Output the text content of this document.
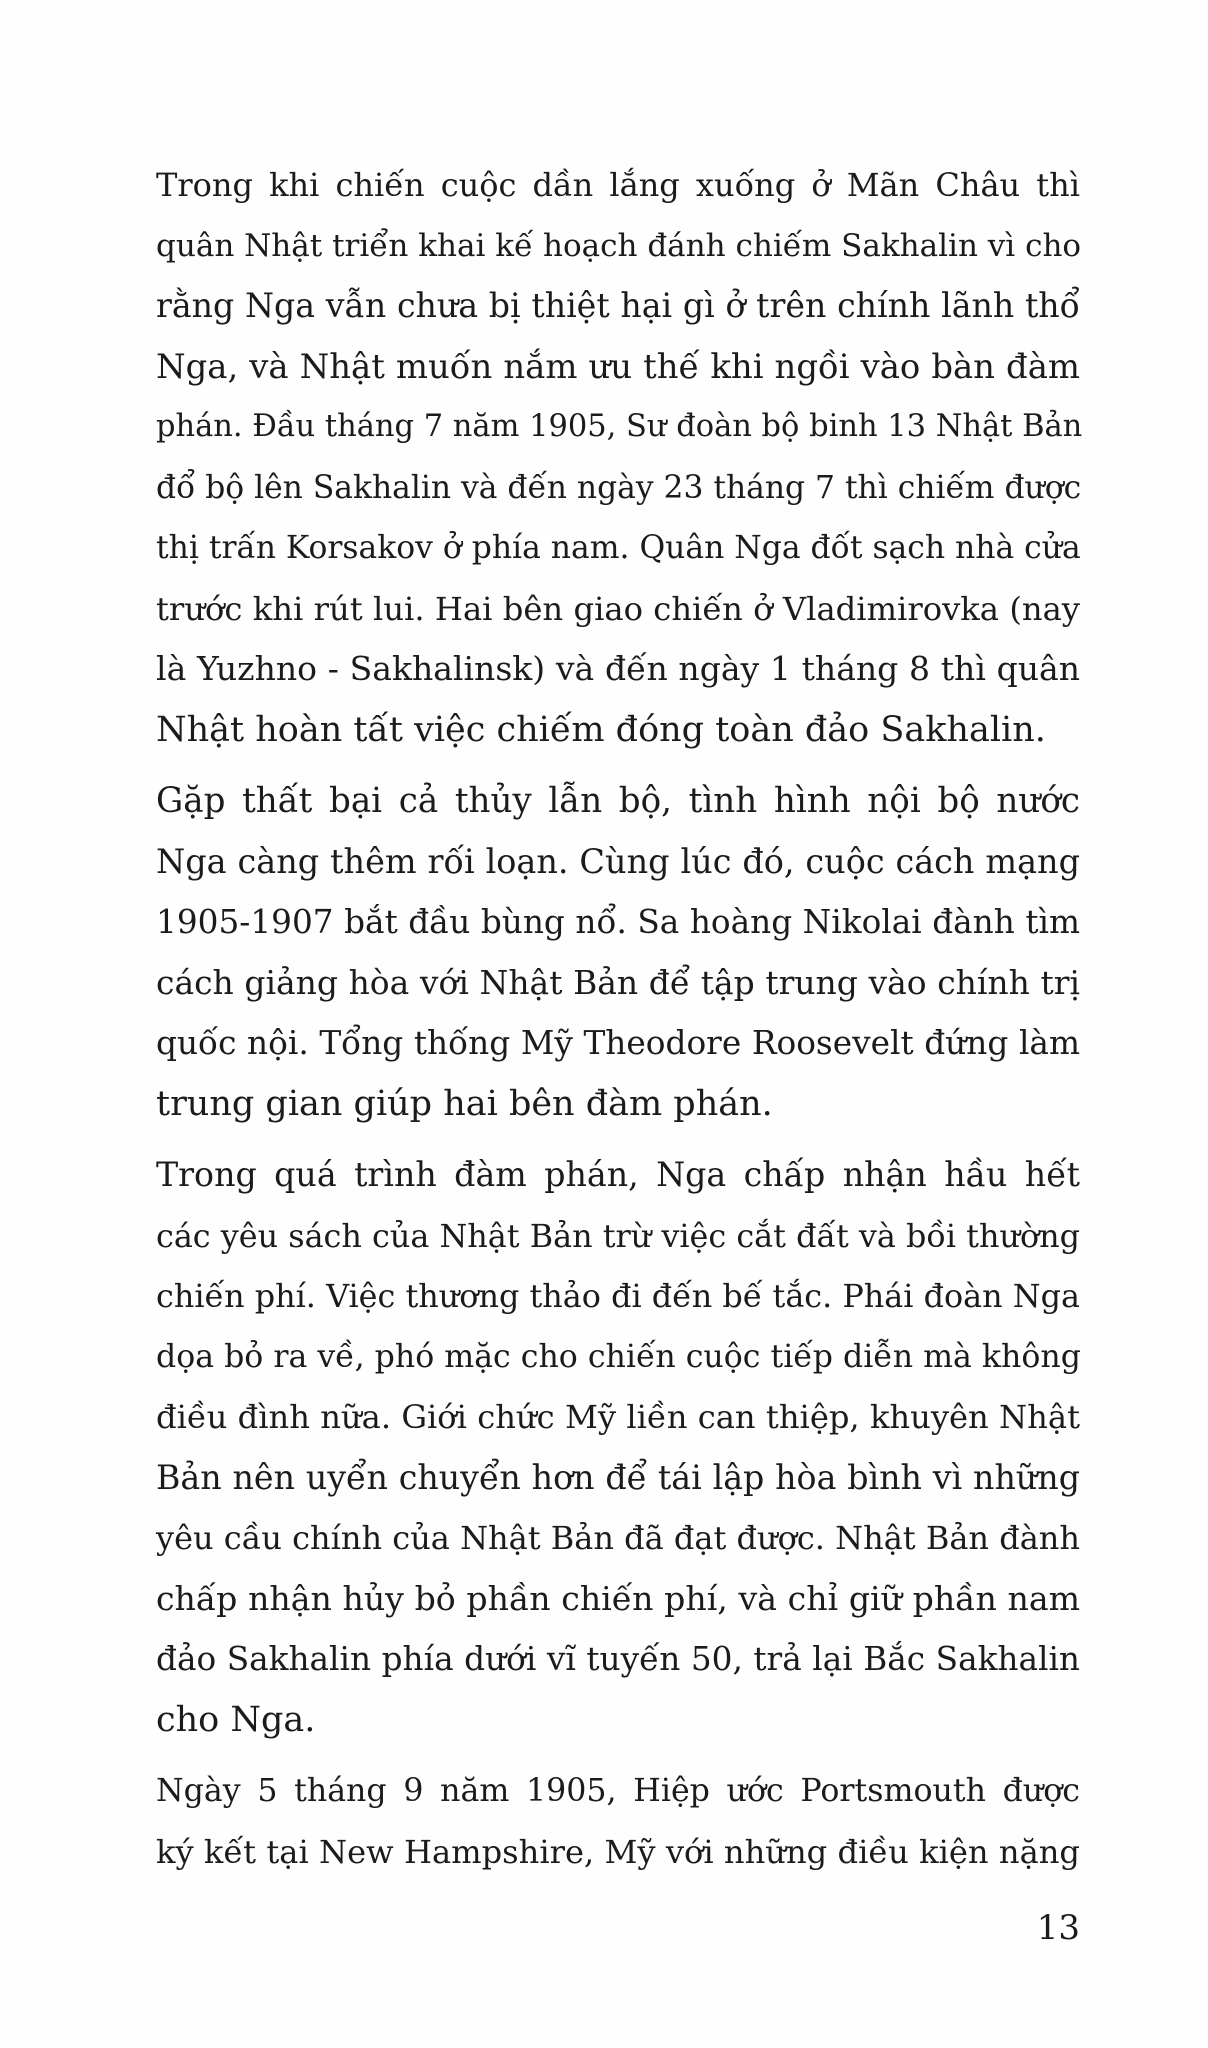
Trong khi chiến cuộc dần lắng xuống ở Mãn Châu thì
quân Nhật triển khai kế hoạch đánh chiếm Sakhalin vì cho
rằng Nga vẫn chưa bị thiệt hại gì ở trên chính lãnh thổ
Nga, và Nhật muốn nắm ưu thế khi ngồi vào bàn đàm
phán. Đầu tháng 7 năm 1905, Sư đoàn bộ binh 13 Nhật Bản
đổ bộ lên Sakhalin và đến ngày 23 tháng 7 thì chiếm được
thị trấn Korsakov ở phía nam. Quân Nga đốt sạch nhà cửa
trước khi rút lui. Hai bên giao chiến ở Vladimirovka (nay
là Yuzhno - Sakhalinsk) và đến ngày 1 tháng 8 thì quân
Nhật hoàn tất việc chiếm đóng toàn đảo Sakhalin.

Gặp thất bại cả thủy lẫn bộ, tình hình nội bộ nước
Nga càng thêm rối loạn. Cùng lúc đó, cuộc cách mạng
1905-1907 bắt đầu bùng nổ. Sa hoàng Nikolai đành tìm
cách giảng hòa với Nhật Bản để tập trung vào chính trị
quốc nội. Tổng thống Mỹ Theodore Roosevelt đứng làm
trung gian giúp hai bên đàm phán.

Trong quá trình đàm phán, Nga chấp nhận hầu hết
các yêu sách của Nhật Bản trừ việc cắt đất và bồi thường
chiến phí. Việc thương thảo đi đến bế tắc. Phái đoàn Nga
dọa bỏ ra về, phó mặc cho chiến cuộc tiếp diễn mà không
điều đình nữa. Giới chức Mỹ liền can thiệp, khuyên Nhật
Bản nên uyển chuyển hơn để tái lập hòa bình vì những
yêu cầu chính của Nhật Bản đã đạt được. Nhật Bản đành
chấp nhận hủy bỏ phần chiến phí, và chỉ giữ phần nam
đảo Sakhalin phía dưới vĩ tuyến 50, trả lại Bắc Sakhalin
cho Nga.

Ngày 5 tháng 9 năm 1905, Hiệp ước Portsmouth được
ký kết tại New Hampshire, Mỹ với những điều kiện nặng

13
